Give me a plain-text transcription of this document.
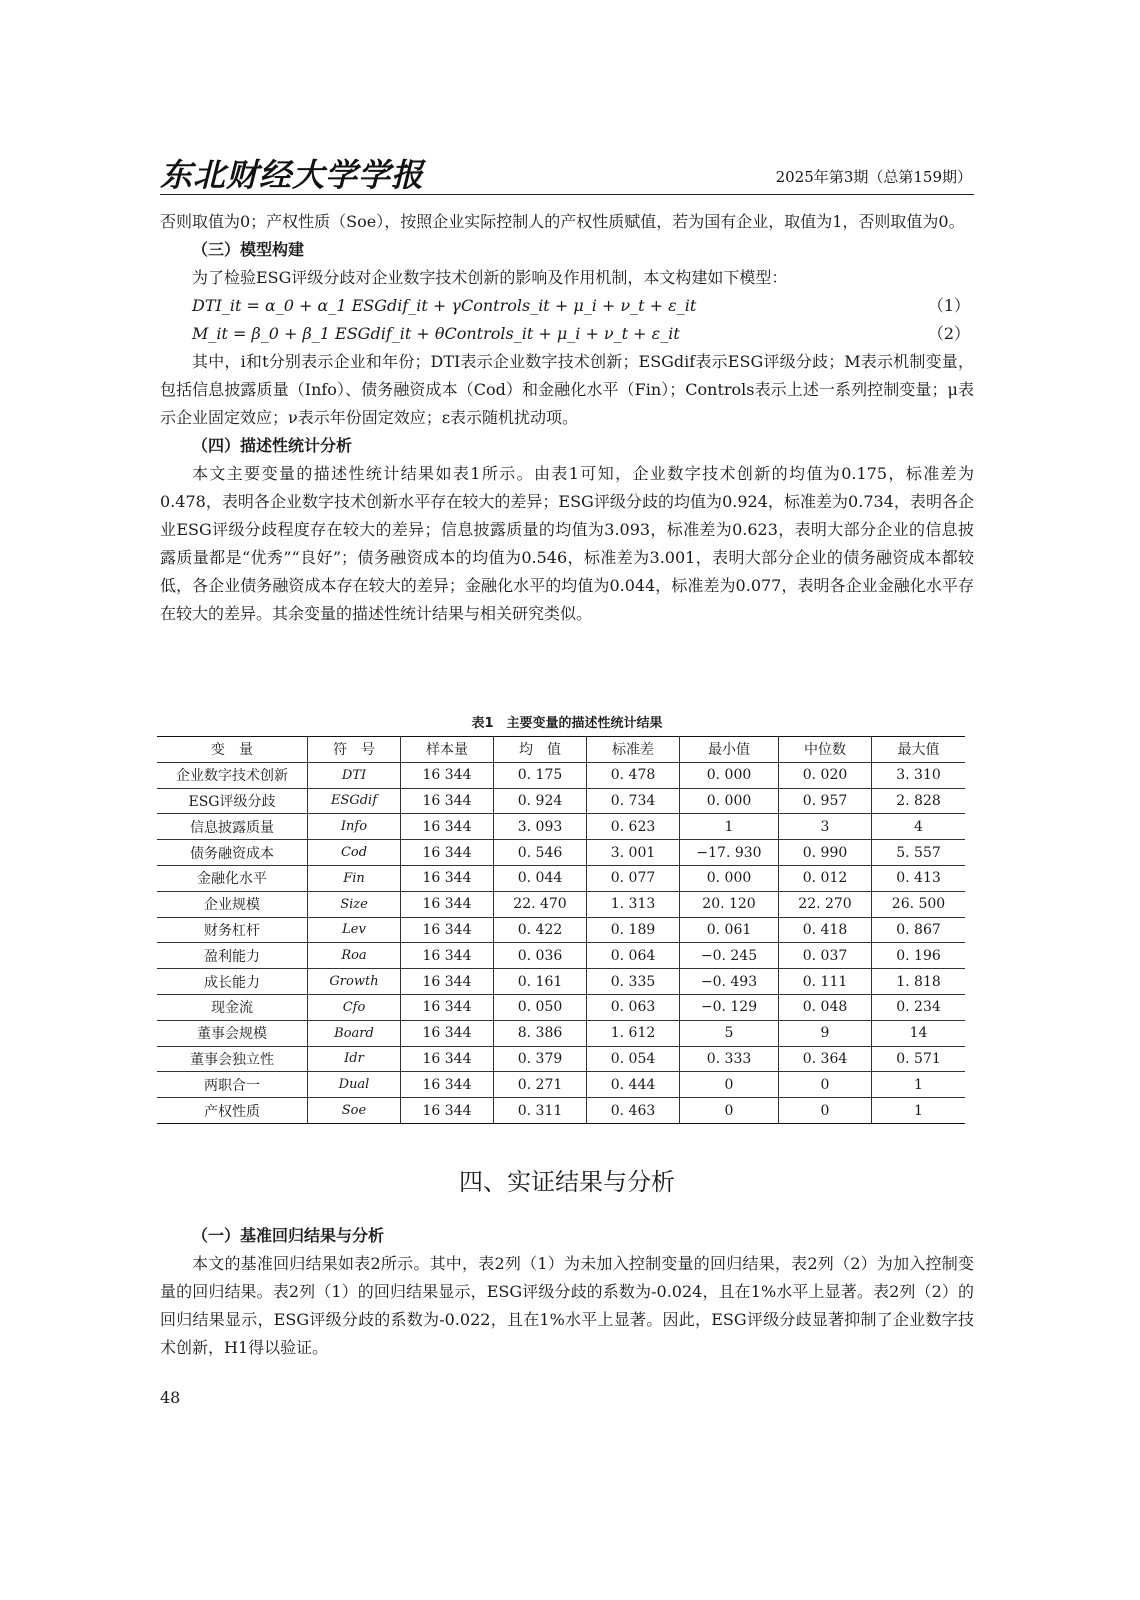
东北财经大学学报	2025年第3期（总第159期）

否则取值为0；产权性质（Soe），按照企业实际控制人的产权性质赋值，若为国有企业，取值为1，否则取值为0。

（三）模型构建

为了检验ESG评级分歧对企业数字技术创新的影响及作用机制，本文构建如下模型：

DTI_it = α_0 + α_1 ESGdif_it + γControls_it + μ_i + ν_t + ε_it	（1）
M_it = β_0 + β_1 ESGdif_it + θControls_it + μ_i + ν_t + ε_it	（2）

其中，i和t分别表示企业和年份；DTI表示企业数字技术创新；ESGdif表示ESG评级分歧；M表示机制变量，包括信息披露质量（Info）、债务融资成本（Cod）和金融化水平（Fin）；Controls表示上述一系列控制变量；μ表示企业固定效应；ν表示年份固定效应；ε表示随机扰动项。

（四）描述性统计分析

本文主要变量的描述性统计结果如表1所示。由表1可知，企业数字技术创新的均值为0.175，标准差为0.478，表明各企业数字技术创新水平存在较大的差异；ESG评级分歧的均值为0.924，标准差为0.734，表明各企业ESG评级分歧程度存在较大的差异；信息披露质量的均值为3.093，标准差为0.623，表明大部分企业的信息披露质量都是“优秀”“良好”；债务融资成本的均值为0.546，标准差为3.001，表明大部分企业的债务融资成本都较低，各企业债务融资成本存在较大的差异；金融化水平的均值为0.044，标准差为0.077，表明各企业金融化水平存在较大的差异。其余变量的描述性统计结果与相关研究类似。

表1　主要变量的描述性统计结果
变　量	符　号	样本量	均　值	标准差	最小值	中位数	最大值
企业数字技术创新	DTI	16 344	0. 175	0. 478	0. 000	0. 020	3. 310
ESG评级分歧	ESGdif	16 344	0. 924	0. 734	0. 000	0. 957	2. 828
信息披露质量	Info	16 344	3. 093	0. 623	1	3	4
债务融资成本	Cod	16 344	0. 546	3. 001	−17. 930	0. 990	5. 557
金融化水平	Fin	16 344	0. 044	0. 077	0. 000	0. 012	0. 413
企业规模	Size	16 344	22. 470	1. 313	20. 120	22. 270	26. 500
财务杠杆	Lev	16 344	0. 422	0. 189	0. 061	0. 418	0. 867
盈利能力	Roa	16 344	0. 036	0. 064	−0. 245	0. 037	0. 196
成长能力	Growth	16 344	0. 161	0. 335	−0. 493	0. 111	1. 818
现金流	Cfo	16 344	0. 050	0. 063	−0. 129	0. 048	0. 234
董事会规模	Board	16 344	8. 386	1. 612	5	9	14
董事会独立性	Idr	16 344	0. 379	0. 054	0. 333	0. 364	0. 571
两职合一	Dual	16 344	0. 271	0. 444	0	0	1
产权性质	Soe	16 344	0. 311	0. 463	0	0	1
四、实证结果与分析

（一）基准回归结果与分析

本文的基准回归结果如表2所示。其中，表2列（1）为未加入控制变量的回归结果，表2列（2）为加入控制变量的回归结果。表2列（1）的回归结果显示，ESG评级分歧的系数为-0.024，且在1%水平上显著。表2列（2）的回归结果显示，ESG评级分歧的系数为-0.022，且在1%水平上显著。因此，ESG评级分歧显著抑制了企业数字技术创新，H1得以验证。

48
